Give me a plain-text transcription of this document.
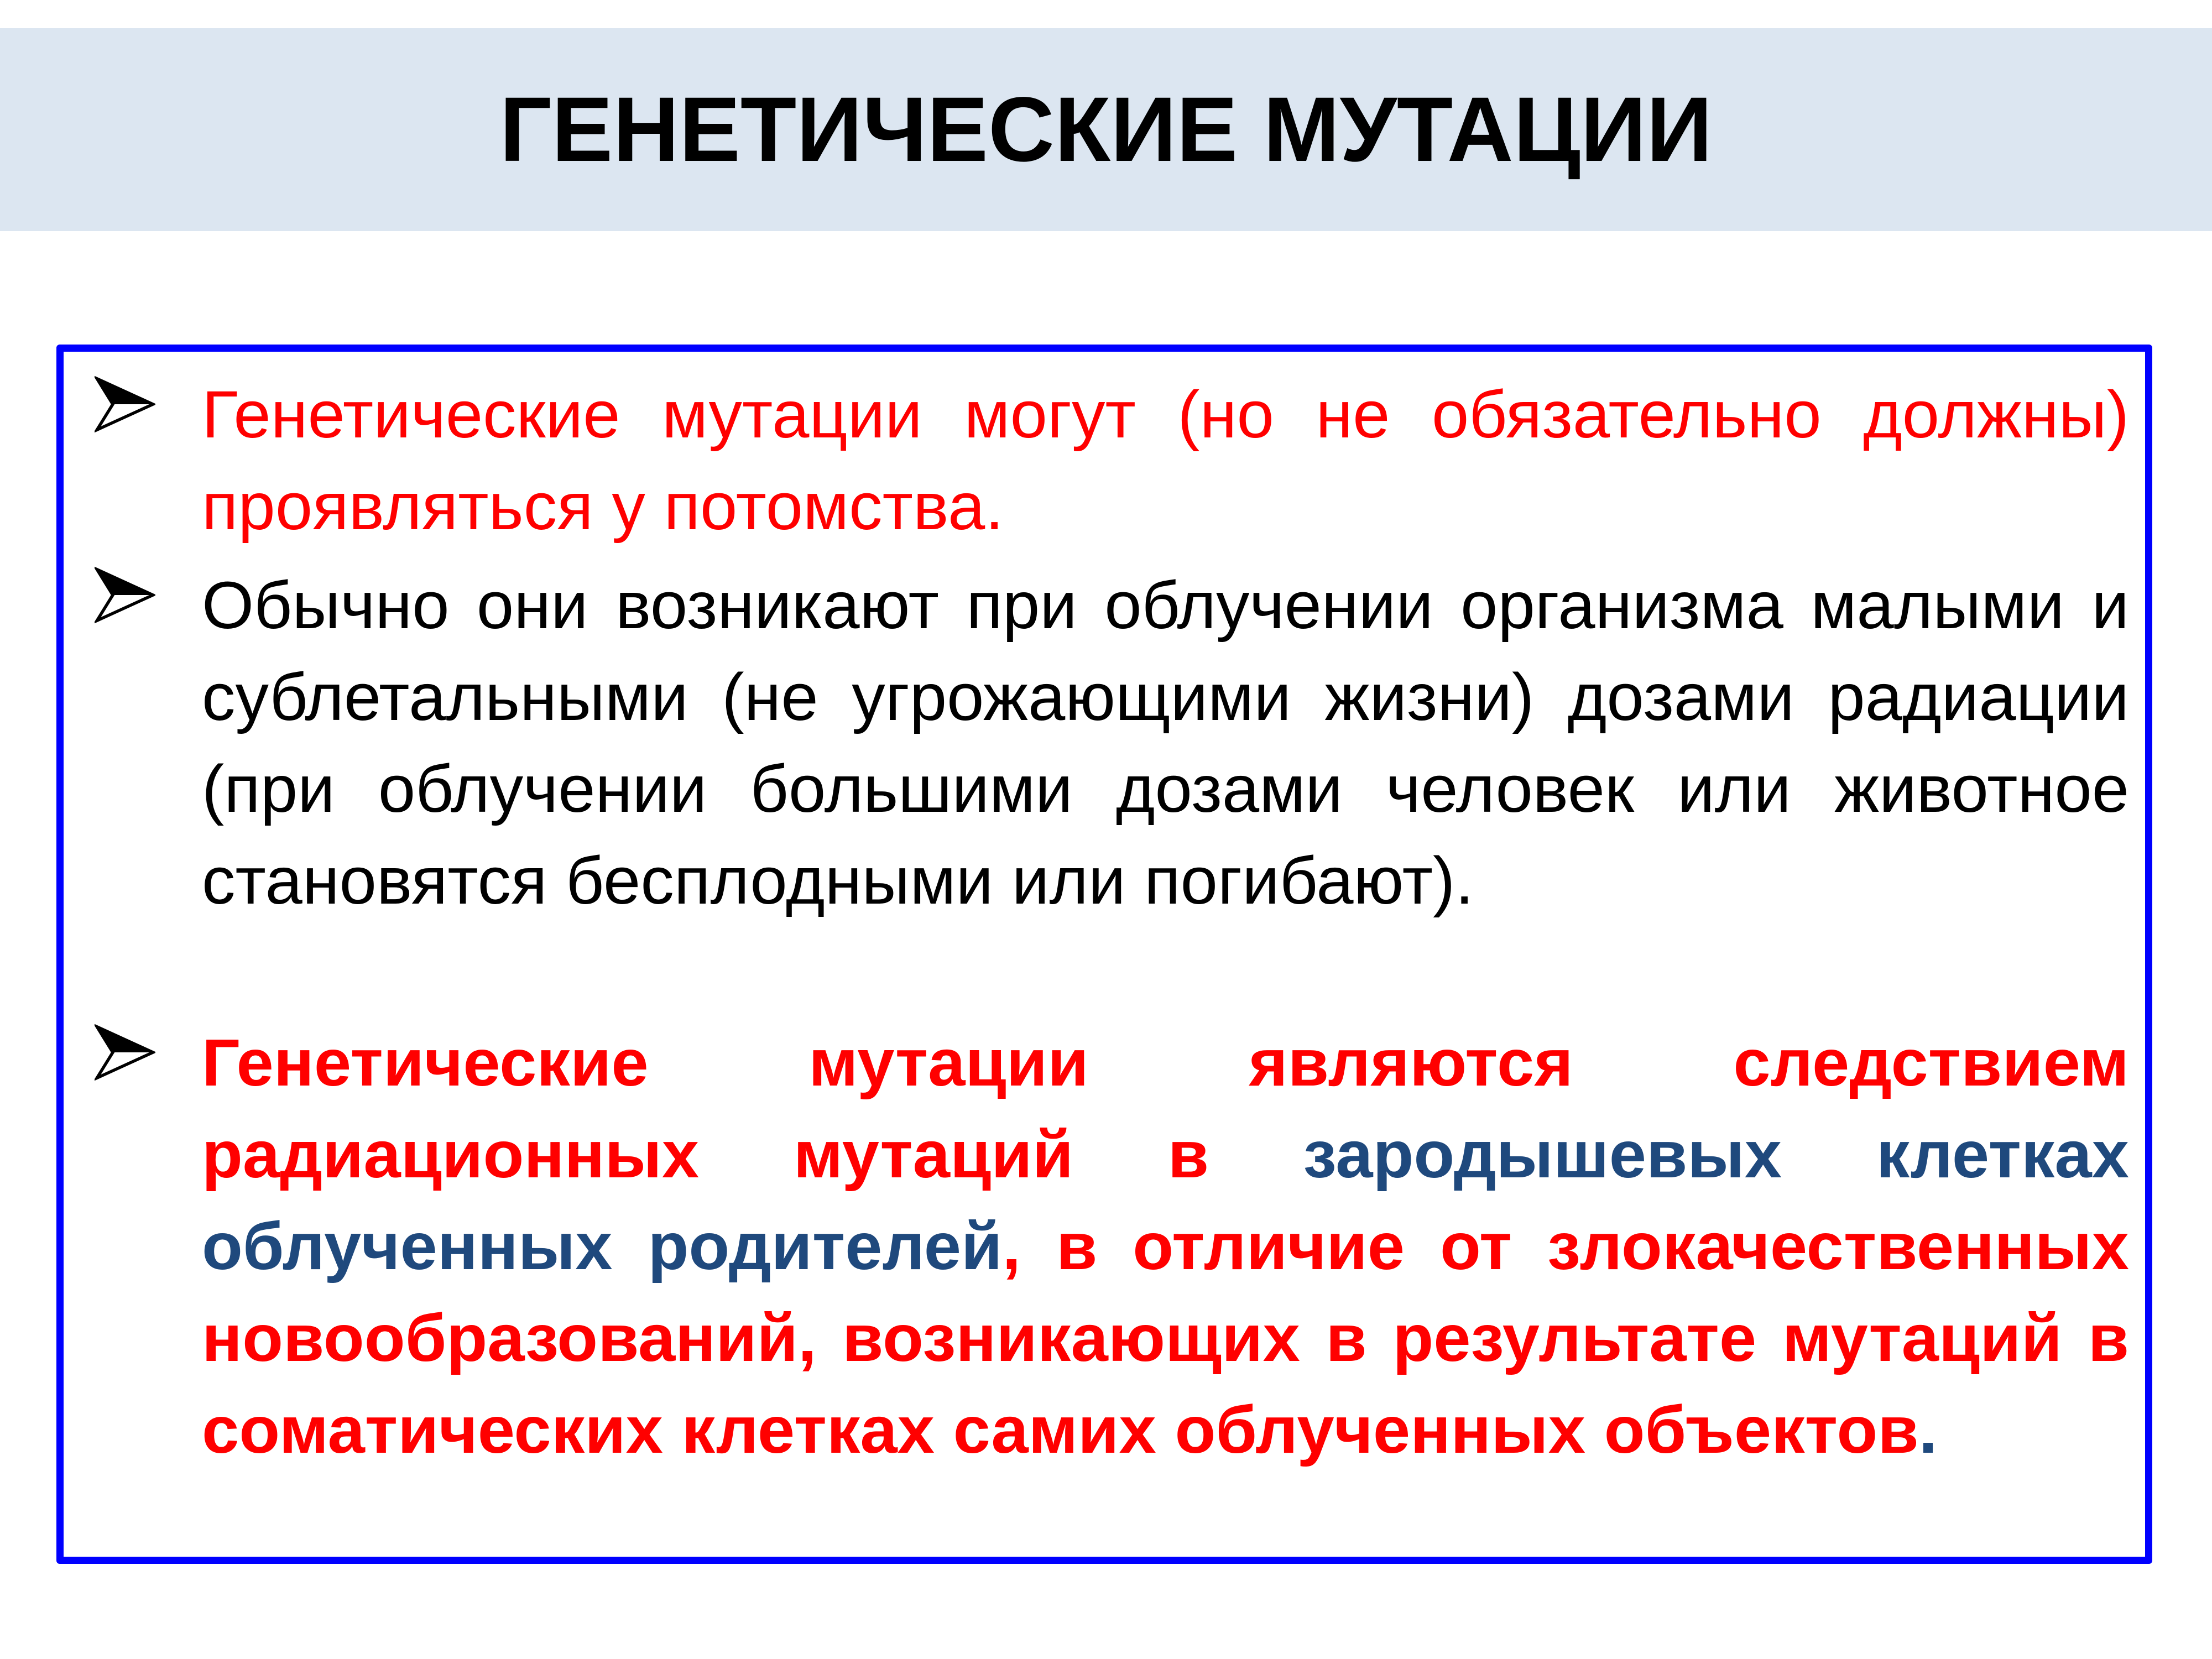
ГЕНЕТИЧЕСКИЕ МУТАЦИИ

Генетические мутации могут (но не обязательно должны) проявляться у потомства.

Обычно они возникают при облучении организма малыми и сублетальными (не угрожающими жизни) дозами радиации (при облучении большими дозами человек или животное становятся бесплодными или погибают).

Генетические мутации являются следствием радиационных мутаций в зародышевых клетках облученных родителей, в отличие от злокачественных новообразований, возникающих в результате мутаций в соматических клетках самих облученных объектов.
